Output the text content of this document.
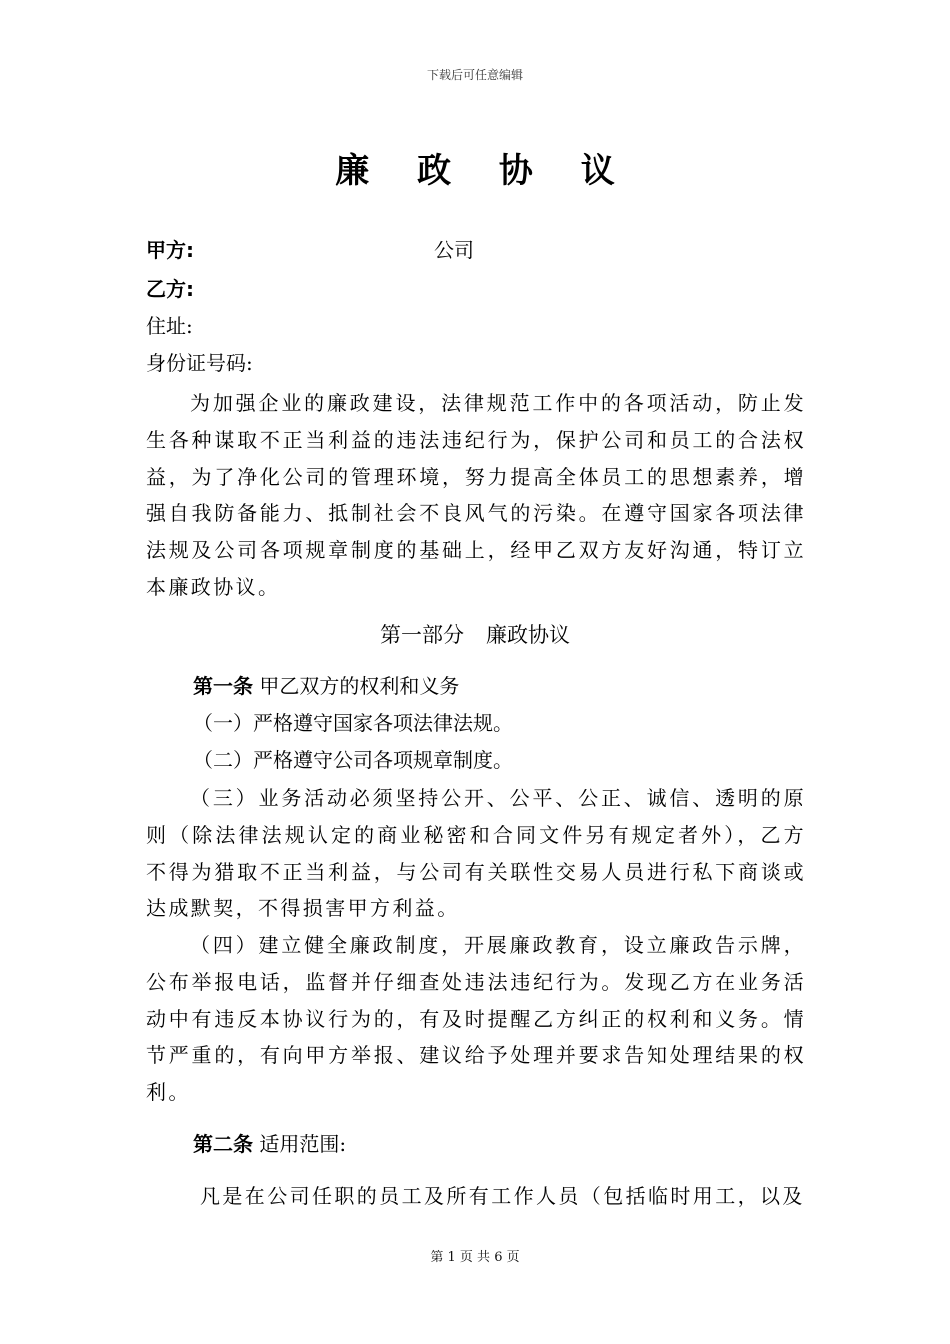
下载后可任意编辑
廉 政 协 议
甲方:	公司
乙方:
住址:
身份证号码:

为加强企业的廉政建设，法律规范工作中的各项活动，防止发生各种谋取不正当利益的违法违纪行为，保护公司和员工的合法权益，为了净化公司的管理环境，努力提高全体员工的思想素养，增强自我防备能力、抵制社会不良风气的污染。在遵守国家各项法律法规及公司各项规章制度的基础上，经甲乙双方友好沟通，特订立本廉政协议。

第一部分 廉政协议
第一条 甲乙双方的权利和义务
（一）严格遵守国家各项法律法规。
（二）严格遵守公司各项规章制度。

（三）业务活动必须坚持公开、公平、公正、诚信、透明的原则（除法律法规认定的商业秘密和合同文件另有规定者外），乙方不得为猎取不正当利益，与公司有关联性交易人员进行私下商谈或达成默契，不得损害甲方利益。

（四）建立健全廉政制度，开展廉政教育，设立廉政告示牌，公布举报电话，监督并仔细查处违法违纪行为。发现乙方在业务活动中有违反本协议行为的，有及时提醒乙方纠正的权利和义务。情节严重的，有向甲方举报、建议给予处理并要求告知处理结果的权利。

第二条 适用范围:
凡是在公司任职的员工及所有工作人员（包括临时用工，以及
第 1 页 共 6 页
